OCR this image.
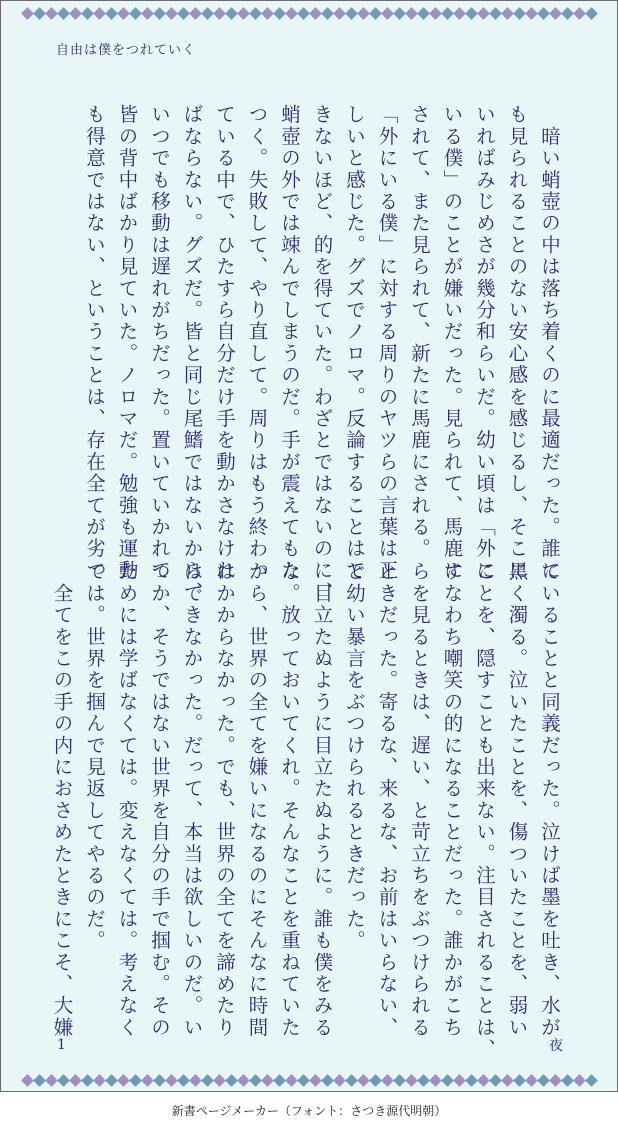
自由は僕をつれていく
　暗い蛸壺の中は落ち着くのに最適だった。誰に
も見られることのない安心感を感じるし、そこに
いればみじめさが幾分和らいだ。幼い頃は「外に
いる僕」のことが嫌いだった。見られて、馬鹿に
されて、また見られて、新たに馬鹿にされる。
「外にいる僕」に対する周りのヤツらの言葉は正
しいと感じた。グズでノロマ。反論することはで
きないほど、的を得ていた。わざとではないのに、
蛸壺の外では竦んでしまうのだ。手が震えてもた
つく。失敗して、やり直して。周りはもう終わっ
ている中で、ひたすら自分だけ手を動かさなけれ
ばならない。グズだ。皆と同じ尾鰭ではないから、
いつでも移動は遅れがちだった。置いていかれて
皆の背中ばかり見ていた。ノロマだ。勉強も運動
も得意ではない、ということは、存在全てが劣っ
ていることと同義だった。泣けば墨を吐き、水が
黒く濁る。泣いたことを、傷ついたことを、弱い
ことを、隠すことも出来ない。注目されることは、
すなわち嘲笑の的になることだった。誰かがこち
らを見るときは、遅い、と苛立ちをぶつけられる
ときだった。寄るな、来るな、お前はいらない、
と幼い暴言をぶつけられるときだった。
　目立たぬように目立たぬように。誰も僕をみる
な。放っておいてくれ。そんなことを重ねていた
から、世界の全てを嫌いになるのにそんなに時間
はかからなかった。でも、世界の全てを諦めたり
はできなかった。だって、本当は欲しいのだ。い
つか、そうではない世界を自分の手で掴む。その
ためには学ばなくては。変えなくては。考えなく
ては。世界を掴んで見返してやるのだ。
　全てをこの手の内におさめたときにこそ、大嫌
1	夜
新書ページメーカー（フォント：さつき源代明朝）
